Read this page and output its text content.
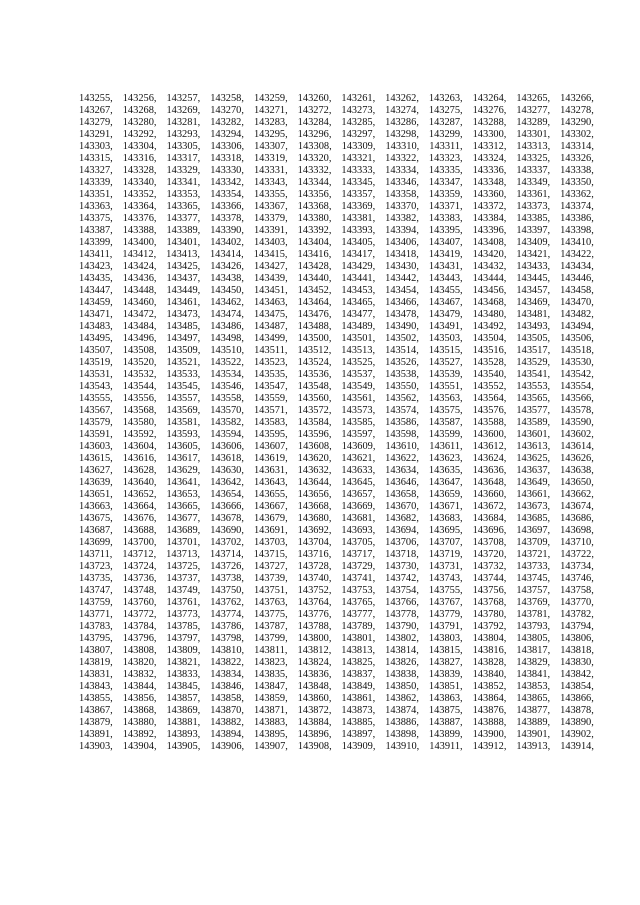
143255, 143256, 143257, 143258, 143259, 143260, 143261, 143262, 143263, 143264, 143265, 143266,
143267, 143268, 143269, 143270, 143271, 143272, 143273, 143274, 143275, 143276, 143277, 143278,
143279, 143280, 143281, 143282, 143283, 143284, 143285, 143286, 143287, 143288, 143289, 143290,
143291, 143292, 143293, 143294, 143295, 143296, 143297, 143298, 143299, 143300, 143301, 143302,
143303, 143304, 143305, 143306, 143307, 143308, 143309, 143310, 143311, 143312, 143313, 143314,
143315, 143316, 143317, 143318, 143319, 143320, 143321, 143322, 143323, 143324, 143325, 143326,
143327, 143328, 143329, 143330, 143331, 143332, 143333, 143334, 143335, 143336, 143337, 143338,
143339, 143340, 143341, 143342, 143343, 143344, 143345, 143346, 143347, 143348, 143349, 143350,
143351, 143352, 143353, 143354, 143355, 143356, 143357, 143358, 143359, 143360, 143361, 143362,
143363, 143364, 143365, 143366, 143367, 143368, 143369, 143370, 143371, 143372, 143373, 143374,
143375, 143376, 143377, 143378, 143379, 143380, 143381, 143382, 143383, 143384, 143385, 143386,
143387, 143388, 143389, 143390, 143391, 143392, 143393, 143394, 143395, 143396, 143397, 143398,
143399, 143400, 143401, 143402, 143403, 143404, 143405, 143406, 143407, 143408, 143409, 143410,
143411, 143412, 143413, 143414, 143415, 143416, 143417, 143418, 143419, 143420, 143421, 143422,
143423, 143424, 143425, 143426, 143427, 143428, 143429, 143430, 143431, 143432, 143433, 143434,
143435, 143436, 143437, 143438, 143439, 143440, 143441, 143442, 143443, 143444, 143445, 143446,
143447, 143448, 143449, 143450, 143451, 143452, 143453, 143454, 143455, 143456, 143457, 143458,
143459, 143460, 143461, 143462, 143463, 143464, 143465, 143466, 143467, 143468, 143469, 143470,
143471, 143472, 143473, 143474, 143475, 143476, 143477, 143478, 143479, 143480, 143481, 143482,
143483, 143484, 143485, 143486, 143487, 143488, 143489, 143490, 143491, 143492, 143493, 143494,
143495, 143496, 143497, 143498, 143499, 143500, 143501, 143502, 143503, 143504, 143505, 143506,
143507, 143508, 143509, 143510, 143511, 143512, 143513, 143514, 143515, 143516, 143517, 143518,
143519, 143520, 143521, 143522, 143523, 143524, 143525, 143526, 143527, 143528, 143529, 143530,
143531, 143532, 143533, 143534, 143535, 143536, 143537, 143538, 143539, 143540, 143541, 143542,
143543, 143544, 143545, 143546, 143547, 143548, 143549, 143550, 143551, 143552, 143553, 143554,
143555, 143556, 143557, 143558, 143559, 143560, 143561, 143562, 143563, 143564, 143565, 143566,
143567, 143568, 143569, 143570, 143571, 143572, 143573, 143574, 143575, 143576, 143577, 143578,
143579, 143580, 143581, 143582, 143583, 143584, 143585, 143586, 143587, 143588, 143589, 143590,
143591, 143592, 143593, 143594, 143595, 143596, 143597, 143598, 143599, 143600, 143601, 143602,
143603, 143604, 143605, 143606, 143607, 143608, 143609, 143610, 143611, 143612, 143613, 143614,
143615, 143616, 143617, 143618, 143619, 143620, 143621, 143622, 143623, 143624, 143625, 143626,
143627, 143628, 143629, 143630, 143631, 143632, 143633, 143634, 143635, 143636, 143637, 143638,
143639, 143640, 143641, 143642, 143643, 143644, 143645, 143646, 143647, 143648, 143649, 143650,
143651, 143652, 143653, 143654, 143655, 143656, 143657, 143658, 143659, 143660, 143661, 143662,
143663, 143664, 143665, 143666, 143667, 143668, 143669, 143670, 143671, 143672, 143673, 143674,
143675, 143676, 143677, 143678, 143679, 143680, 143681, 143682, 143683, 143684, 143685, 143686,
143687, 143688, 143689, 143690, 143691, 143692, 143693, 143694, 143695, 143696, 143697, 143698,
143699, 143700, 143701, 143702, 143703, 143704, 143705, 143706, 143707, 143708, 143709, 143710,
143711, 143712, 143713, 143714, 143715, 143716, 143717, 143718, 143719, 143720, 143721, 143722,
143723, 143724, 143725, 143726, 143727, 143728, 143729, 143730, 143731, 143732, 143733, 143734,
143735, 143736, 143737, 143738, 143739, 143740, 143741, 143742, 143743, 143744, 143745, 143746,
143747, 143748, 143749, 143750, 143751, 143752, 143753, 143754, 143755, 143756, 143757, 143758,
143759, 143760, 143761, 143762, 143763, 143764, 143765, 143766, 143767, 143768, 143769, 143770,
143771, 143772, 143773, 143774, 143775, 143776, 143777, 143778, 143779, 143780, 143781, 143782,
143783, 143784, 143785, 143786, 143787, 143788, 143789, 143790, 143791, 143792, 143793, 143794,
143795, 143796, 143797, 143798, 143799, 143800, 143801, 143802, 143803, 143804, 143805, 143806,
143807, 143808, 143809, 143810, 143811, 143812, 143813, 143814, 143815, 143816, 143817, 143818,
143819, 143820, 143821, 143822, 143823, 143824, 143825, 143826, 143827, 143828, 143829, 143830,
143831, 143832, 143833, 143834, 143835, 143836, 143837, 143838, 143839, 143840, 143841, 143842,
143843, 143844, 143845, 143846, 143847, 143848, 143849, 143850, 143851, 143852, 143853, 143854,
143855, 143856, 143857, 143858, 143859, 143860, 143861, 143862, 143863, 143864, 143865, 143866,
143867, 143868, 143869, 143870, 143871, 143872, 143873, 143874, 143875, 143876, 143877, 143878,
143879, 143880, 143881, 143882, 143883, 143884, 143885, 143886, 143887, 143888, 143889, 143890,
143891, 143892, 143893, 143894, 143895, 143896, 143897, 143898, 143899, 143900, 143901, 143902,
143903, 143904, 143905, 143906, 143907, 143908, 143909, 143910, 143911, 143912, 143913, 143914,
